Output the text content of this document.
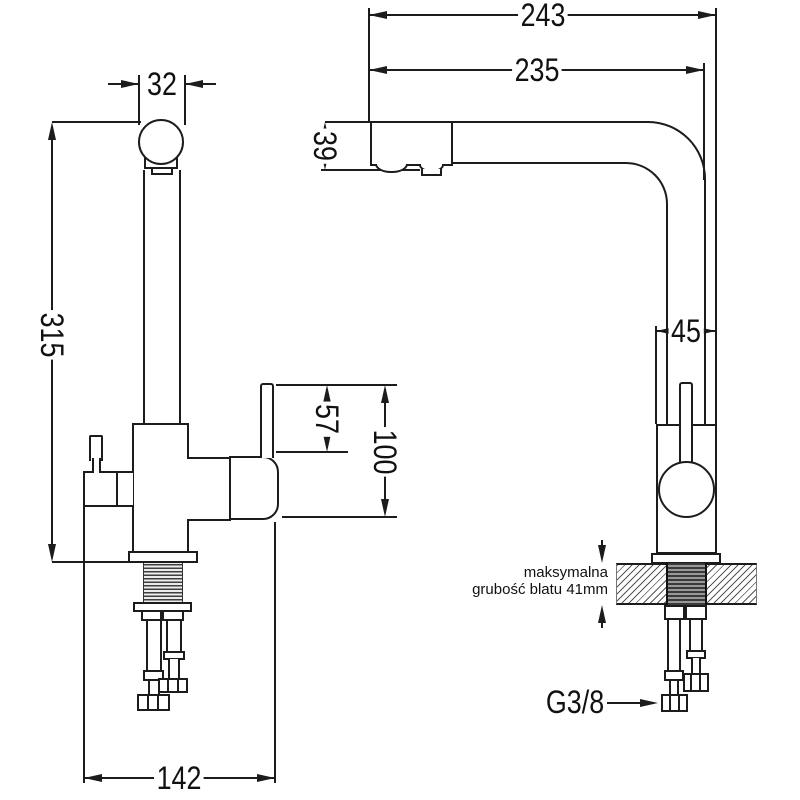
243
235
32
39
315	45
57
100
142
G3/8
maksymalna
grubość blatu 41mm
